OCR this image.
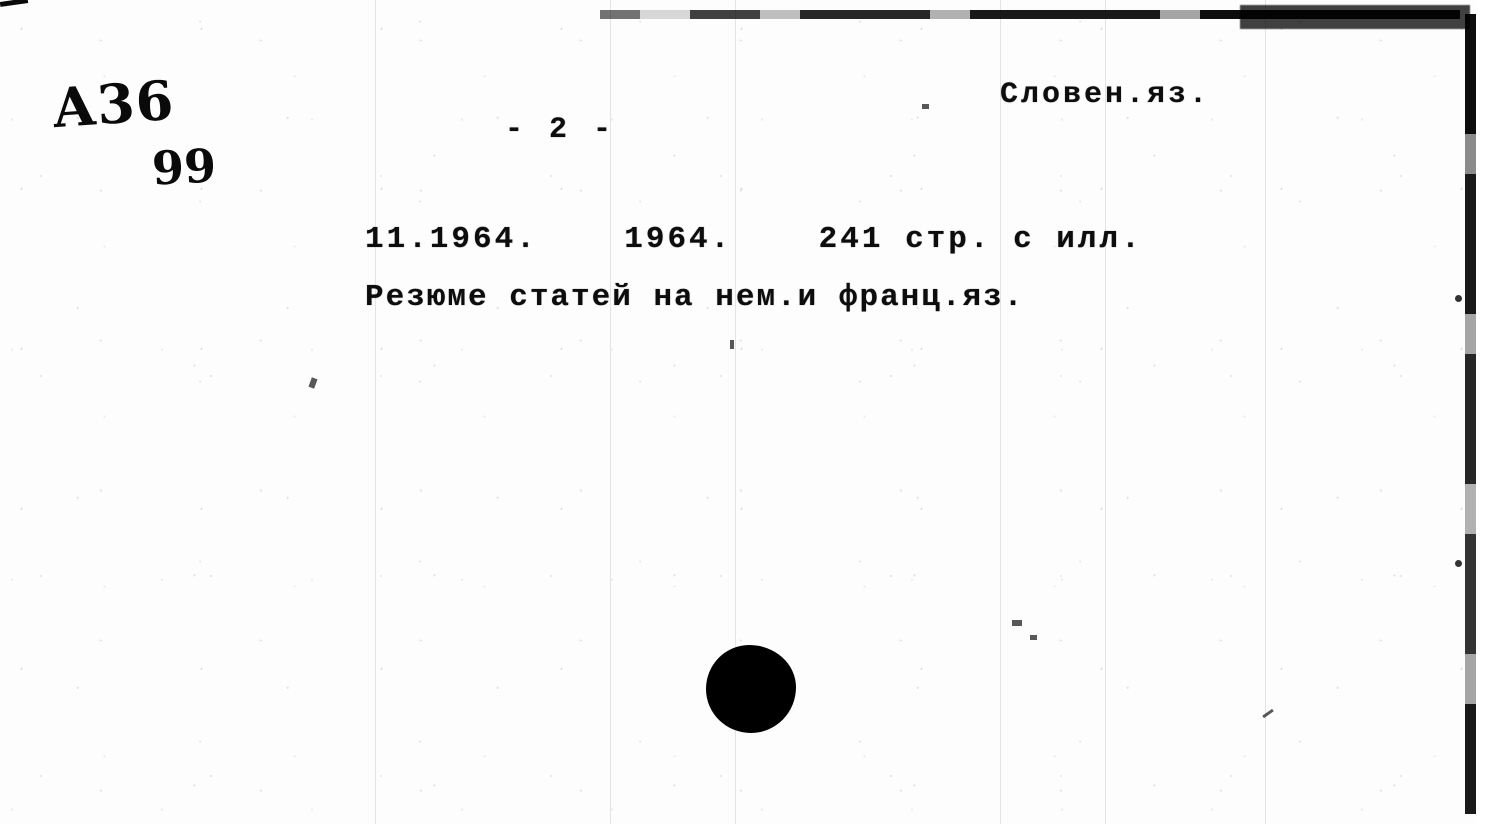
А36
99
Словен.яз.
- 2 -
11.1964.    1964.    241 стр. с илл.
Резюме статей на нем.и франц.яз.
